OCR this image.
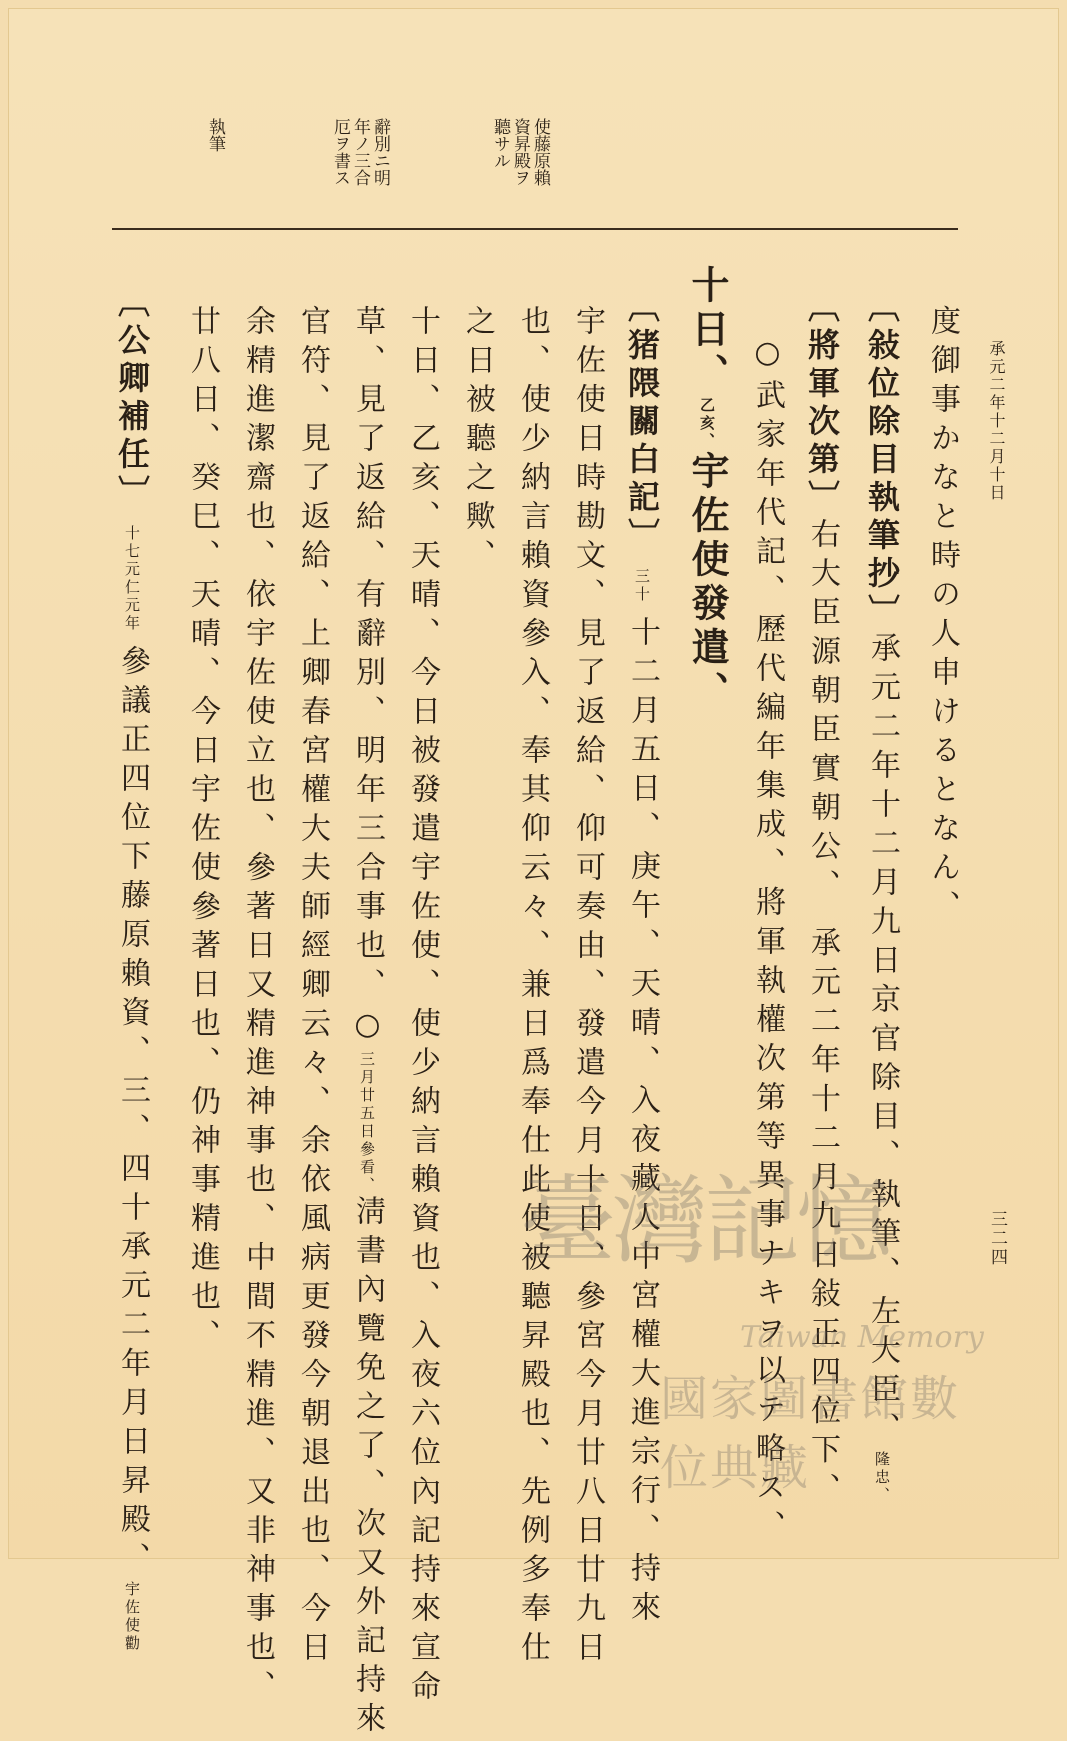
執筆	使藤原賴
資昇殿ヲ
聽サル
辭別ニ明
年ノ三合
厄ヲ書ス
承元二年十二月十日
三二四
度御事かなと時の人申けるとなん、
〔敍位除目執筆抄〕承元二年十二月九日京官除目、執筆、左大臣、隆忠、
〔將軍次第〕右大臣源朝臣實朝公、 承元二年十二月九日敍正四位下、
○武家年代記、歷代編年集成、將軍執權次第等異事ナキヲ以テ略ス、
十日、乙亥、宇佐使發遣、
〔猪隈關白記〕三十十二月五日、庚午、天晴、入夜藏人中宮權大進宗行、持來
宇佐使日時勘文、見了返給、仰可奏由、發遣今月十日、參宮今月廿八日廿九日
也、使少納言賴資參入、奉其仰云々、兼日爲奉仕此使被聽昇殿也、先例多奉仕
之日被聽之歟、
十日、乙亥、天晴、今日被發遣宇佐使、使少納言賴資也、入夜六位內記持來宣命
草、見了返給、有辭別、明年三合事也、○三月廿五日參看、淸書內覽免之了、次又外記持來
官符、見了返給、上卿春宮權大夫師經卿云々、余依風病更發今朝退出也、今日
余精進潔齋也、依宇佐使立也、參著日又精進神事也、中間不精進、又非神事也、
廿八日、癸巳、天晴、今日宇佐使參著日也、仍神事精進也、
〔公卿補任〕十七元仁元年參議正四位下藤原賴資、三、四十承元二年月日昇殿、宇佐使勸
臺灣記憶
Taiwan Memory
國家圖書館數位典藏
